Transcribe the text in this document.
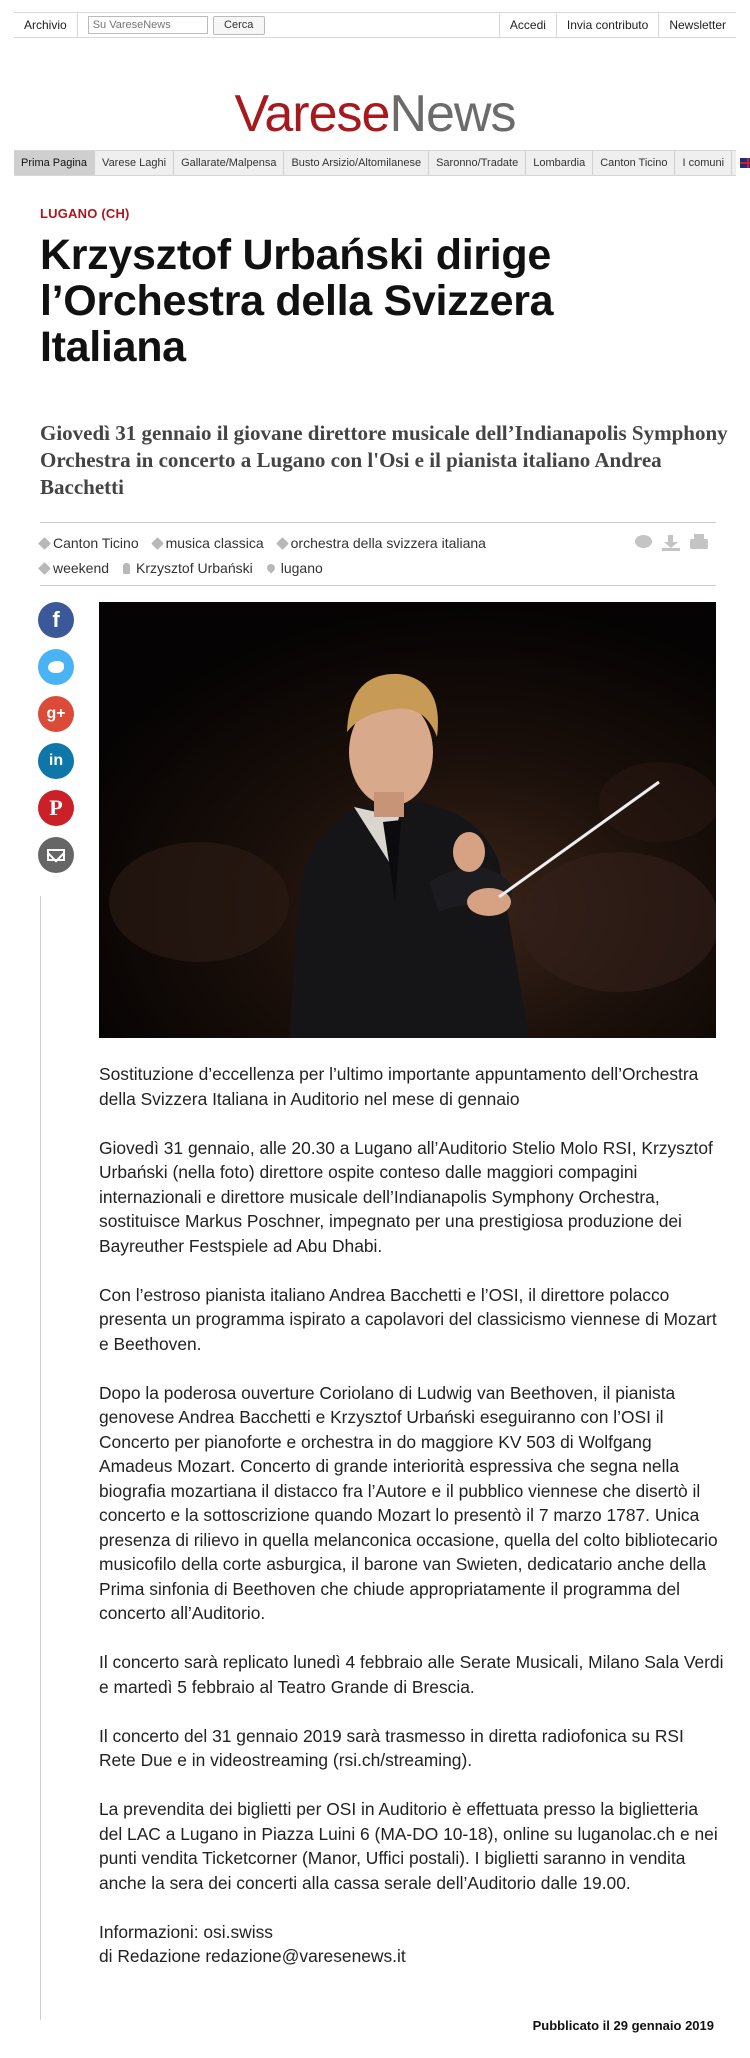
Archivio
Su VareseNews	Cerca	Accedi	Invia contributo	Newsletter
VareseNews
Prima Pagina	Varese Laghi	Gallarate/Malpensa	Busto Arsizio/Altomilanese	Saronno/Tradate	Lombardia	Canton Ticino	I comuni
LUGANO (CH)
Krzysztof Urbański dirige l’Orchestra della Svizzera Italiana
Giovedì 31 gennaio il giovane direttore musicale dell’Indianapolis Symphony Orchestra in concerto a Lugano con l'Osi e il pianista italiano Andrea Bacchetti
Canton Ticino musica classica orchestra della svizzera italiana
weekend Krzysztof Urbański lugano
f
g+
in
P

Sostituzione d’eccellenza per l’ultimo importante appuntamento dell’Orchestra della Svizzera Italiana in Auditorio nel mese di gennaio

Giovedì 31 gennaio, alle 20.30 a Lugano all’Auditorio Stelio Molo RSI, Krzysztof Urbański (nella foto) direttore ospite conteso dalle maggiori compagini internazionali e direttore musicale dell’Indianapolis Symphony Orchestra, sostituisce Markus Poschner, impegnato per una prestigiosa produzione dei Bayreuther Festspiele ad Abu Dhabi.

Con l’estroso pianista italiano Andrea Bacchetti e l’OSI, il direttore polacco presenta un programma ispirato a capolavori del classicismo viennese di Mozart e Beethoven.

Dopo la poderosa ouverture Coriolano di Ludwig van Beethoven, il pianista genovese Andrea Bacchetti e Krzysztof Urbański eseguiranno con l’OSI il Concerto per pianoforte e orchestra in do maggiore KV 503 di Wolfgang Amadeus Mozart. Concerto di grande interiorità espressiva che segna nella biografia mozartiana il distacco fra l’Autore e il pubblico viennese che disertò il concerto e la sottoscrizione quando Mozart lo presentò il 7 marzo 1787. Unica presenza di rilievo in quella melanconica occasione, quella del colto bibliotecario musicofilo della corte asburgica, il barone van Swieten, dedicatario anche della Prima sinfonia di Beethoven che chiude appropriatamente il programma del concerto all’Auditorio.

Il concerto sarà replicato lunedì 4 febbraio alle Serate Musicali, Milano Sala Verdi e martedì 5 febbraio al Teatro Grande di Brescia.

Il concerto del 31 gennaio 2019 sarà trasmesso in diretta radiofonica su RSI Rete Due e in videostreaming (rsi.ch/streaming).

La prevendita dei biglietti per OSI in Auditorio è effettuata presso la biglietteria del LAC a Lugano in Piazza Luini 6 (MA-DO 10-18), online su luganolac.ch e nei punti vendita Ticketcorner (Manor, Uffici postali). I biglietti saranno in vendita anche la sera dei concerti alla cassa serale dell’Auditorio dalle 19.00.

Informazioni: osi.swiss

di Redazione redazione@varesenews.it

Pubblicato il 29 gennaio 2019
